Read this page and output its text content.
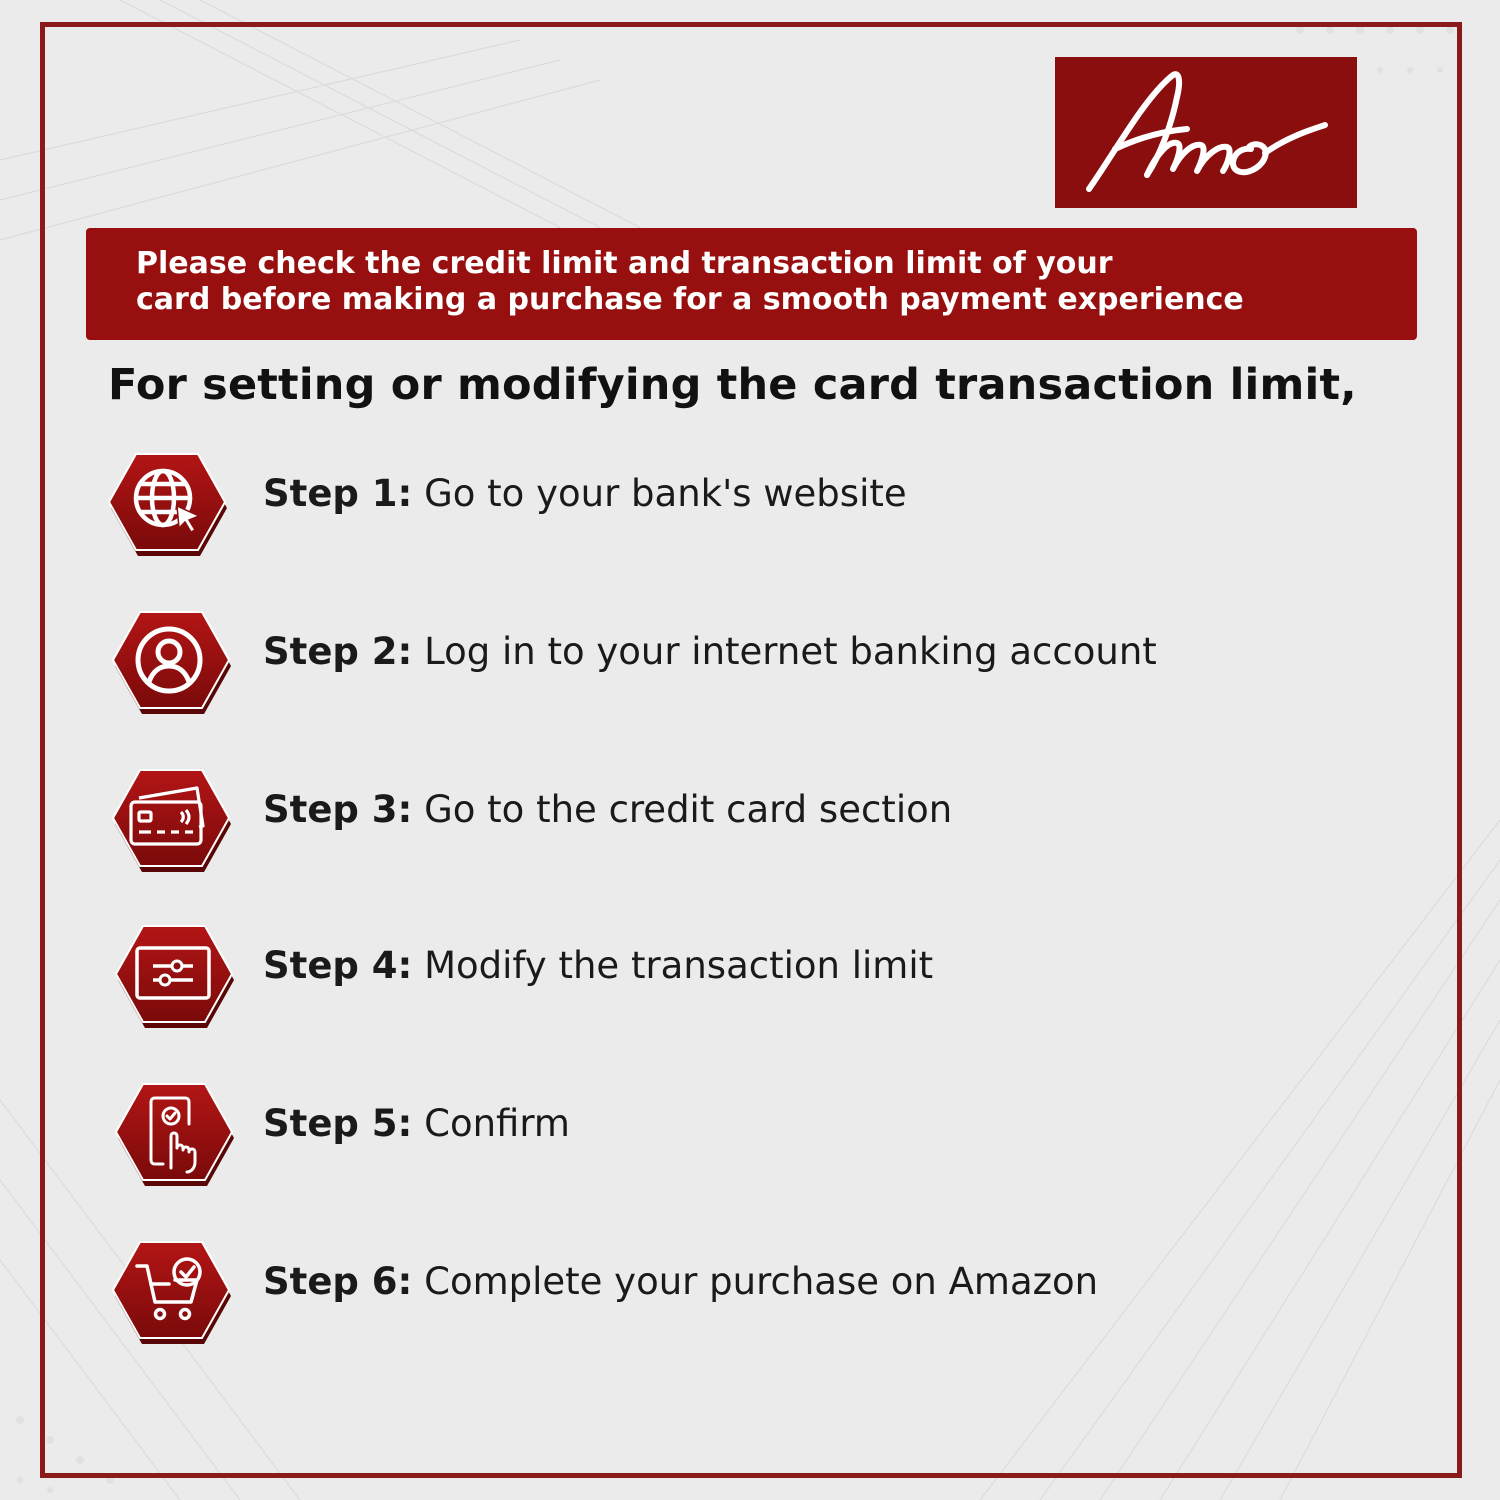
Please check the credit limit and transaction limit of your
card before making a purchase for a smooth payment experience
For setting or modifying the card transaction limit,
Step 1: Go to your bank's website
Step 2: Log in to your internet banking account
Step 3: Go to the credit card section
Step 4: Modify the transaction limit
Step 5: Confirm
Step 6: Complete your purchase on Amazon
